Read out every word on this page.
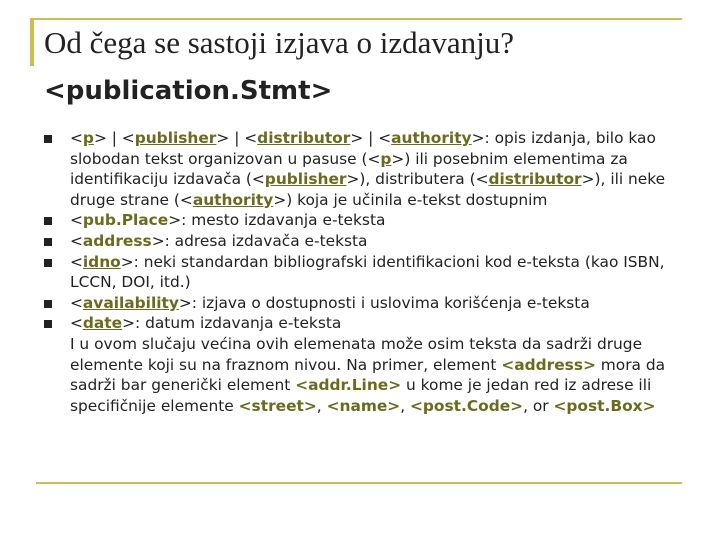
Od čega se sastoji izjava o izdavanju?
<publication.Stmt>
<p> | <publisher> | <distributor> | <authority>: opis izdanja, bilo kao slobodan tekst organizovan u pasuse (<p>) ili posebnim elementima za identifikaciju izdavača (<publisher>), distributera (<distributor>), ili neke druge strane (<authority>) koja je učinila e-tekst dostupnim
<pub.Place>: mesto izdavanja e-teksta
<address>: adresa izdavača e-teksta
<idno>: neki standardan bibliografski identifikacioni kod e-teksta (kao ISBN, LCCN, DOI, itd.)
<availability>: izjava o dostupnosti i uslovima korišćenja e-teksta
<date>: datum izdavanja e-teksta
I u ovom slučaju većina ovih elemenata može osim teksta da sadrži druge elemente koji su na fraznom nivou. Na primer, element <address> mora da sadrži bar generički element <addr.Line> u kome je jedan red iz adrese ili specifičnije elemente <street>, <name>, <post.Code>, or <post.Box>
